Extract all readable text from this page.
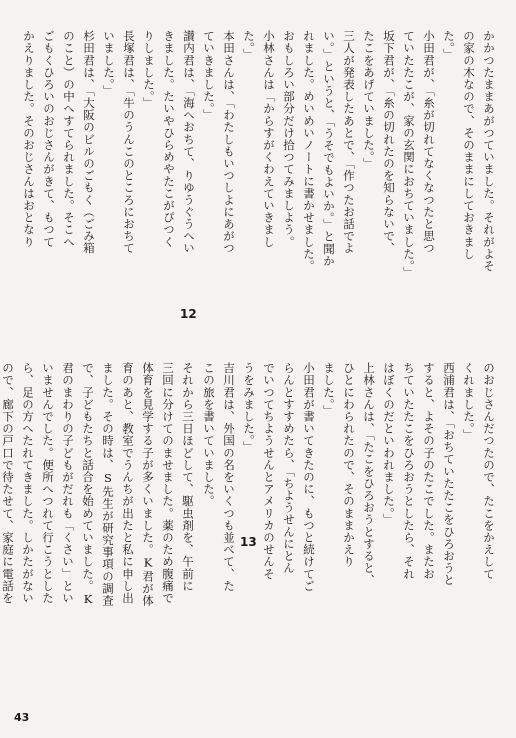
かかつたままあがつていました。それがよそ
の家の木なので、そのままにしておきまし
た。」
小田君が、「糸が切れてなくなつたと思つ
ていたたこが、家の玄関におちていました。」
坂下君が、「糸の切れたのを知らないで、
たこをあげていました。」
三人が発表したあとで、「作つたお話でよ
い。」というと、「うそでもよいか。」と聞か
れました。めいめいノートに書かせました。
おもしろい部分だけ拾つてみましよう。
小林さんは「からすがくわえていきまし
た。」
本田さんは、「わたしもいつしよにあがつ
ていきました。」
讃内君は、「海へおちて、りゆうぐうへい
きました。たいやひらめやたこがぴつく
りしました。」
長塚君は、「牛のうんこのところにおちて
いました。」
杉田君は、「大阪のビルのごもく（ごみ箱
のこと）の中へすてられました。そこへ
ごもくひろいのおじさんがきて、もつて
かえりました。そのおじさんはおとなり
のおじさんだつたので、たこをかえして
くれました。」
西浦君は、「おちていたたこをひろおうと
すると、よその子のたこでした。またお
ちていたたこをひろおうとしたら、それ
はぼくのだといわれました。」
上林さんは、「たこをひろおうとすると、
ひとにわられたので、そのままかえり
ました。」
小田君が書いてきたのに、もつと続けてご
らんとすすめたら、「ちようせんにとん
でいつてちようせんとアメリカのせんそ
うをみました。」
吉川君は、外国の名をいくつも並べて、た
この旅を書いていました。
それから三日ほどして、駆虫剤を、午前に
三回に分けてのませました。薬のため腹痛で
体育を見学する子が多くいました。K君が体
育のあと、教室でうんちが出たと私に申し出
ました。その時は、S先生が研究事項の調査
で、子どもたちと話合を始めていました。K
君のまわりの子どもがだれも「くさい」とい
いませんでした。便所へつれて行こうとした
ら、足の方へたれてきました。しかたがない
ので、廊下の戸口で待たせて、家庭に電話を
12
13
43
